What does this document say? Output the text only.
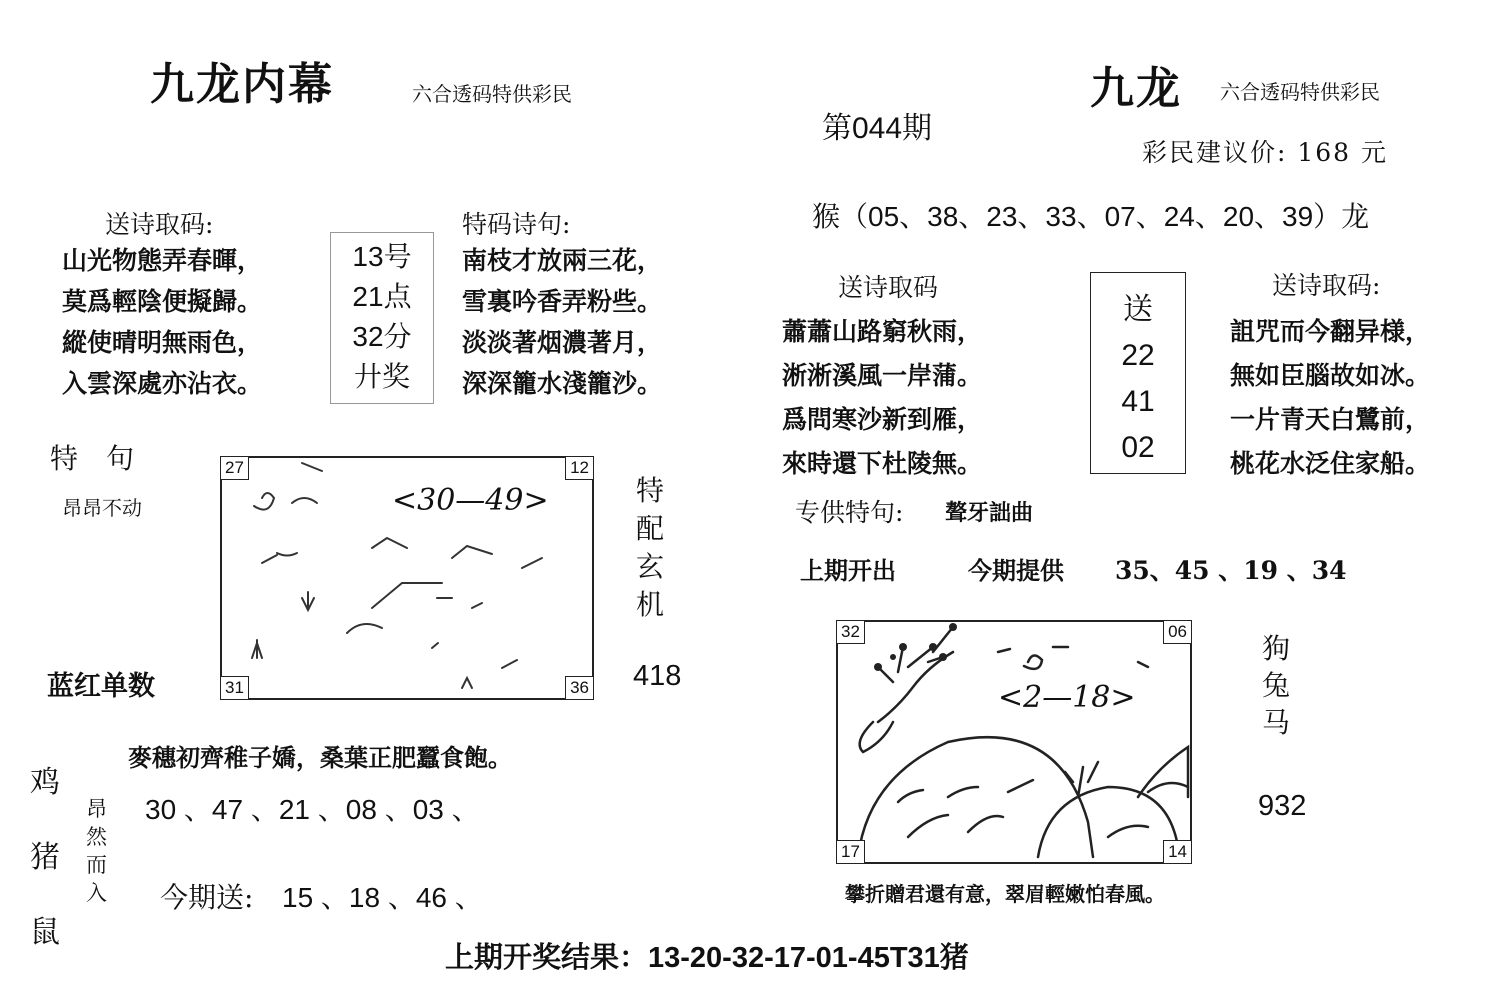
九龙内幕	六合透码特供彩民
送诗取码:
山光物態弄春暉，
莫爲輕陰便擬歸。
縱使晴明無雨色，
入雲深處亦沾衣。
13号
21点
32分
廾奖
特码诗句:
南枝才放兩三花，
雪裏吟香弄粉些。
淡淡著烟濃著月，
深深籠水淺籠沙。
特　句
昂昂不动
27	12
31	36
<30—49>	特
配
玄
机
418
蓝红单数
鸡
猪
鼠
麥穗初齊稚子嬌，桑葉正肥蠶食飽。
昂
然
而
入
30 、47 、21 、08 、03 、
今期送: 15 、18 、46 、
第044期
九龙 六合透码特供彩民
彩民建议价: 168 元
猴（05、38、23、33、07、24、20、39）龙
送诗取码
蕭蕭山路窮秋雨，
淅淅溪風一岸蒲。
爲問寒沙新到雁，
來時還下杜陵無。
送
22
41
02
送诗取码:
詛咒而今翻异様，
無如臣腦故如冰。
一片青天白鷺前，
桃花水泛住家船。
专供特句: 聱牙詘曲
上期开出	今期提供 35、45 、19 、34
32	06
17	14
<2—18>
狗
兔
马
932
攀折贈君還有意，翠眉輕嫩怕春風。
上期开奖结果：13-20-32-17-01-45T31猪
